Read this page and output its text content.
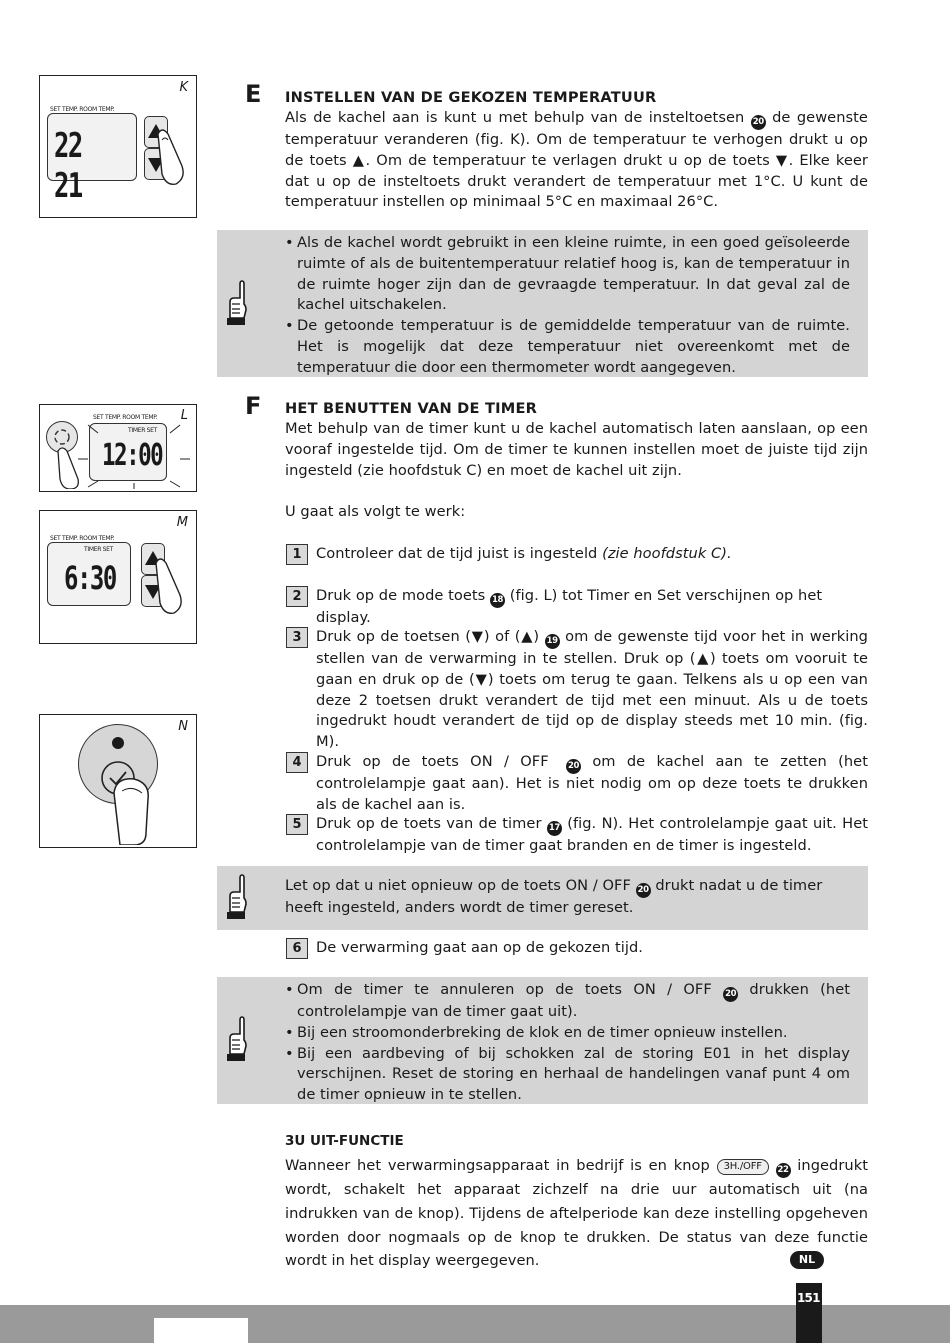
K
SET TEMP. ROOM TEMP.
22 21
E INSTELLEN VAN DE GEKOZEN TEMPERATUUR
Als de kachel aan is kunt u met behulp van de insteltoetsen 20 de gewenste temperatuur veranderen (fig. K). Om de temperatuur te verhogen drukt u op de toets ▲. Om de temperatuur te verlagen drukt u op de toets ▼. Elke keer dat u op de insteltoets drukt verandert de temperatuur met 1°C. U kunt de temperatuur instellen op minimaal 5°C en maximaal 26°C.
• Als de kachel wordt gebruikt in een kleine ruimte, in een goed geïsoleerde ruimte of als de buitentemperatuur relatief hoog is, kan de temperatuur in de ruimte hoger zijn dan de gevraagde temperatuur. In dat geval zal de kachel uitschakelen.
• De getoonde temperatuur is de gemiddelde temperatuur van de ruimte. Het is mogelijk dat deze temperatuur niet overeenkomt met de temperatuur die door een thermometer wordt aangegeven.
L
SET TEMP. ROOM TEMP.
TIMER SET
12:00
F HET BENUTTEN VAN DE TIMER
Met behulp van de timer kunt u de kachel automatisch laten aanslaan, op een vooraf ingestelde tijd. Om de timer te kunnen instellen moet de juiste tijd zijn ingesteld (zie hoofdstuk C) en moet de kachel uit zijn.
U gaat als volgt te werk:
M
SET TEMP. ROOM TEMP.
TIMER SET
6:30
1 Controleer dat de tijd juist is ingesteld (zie hoofdstuk C).
2 Druk op de mode toets 18 (fig. L) tot Timer en Set verschijnen op het display.
3 Druk op de toetsen (▼) of (▲) 19 om de gewenste tijd voor het in werking stellen van de verwarming in te stellen. Druk op (▲) toets om vooruit te gaan en druk op de (▼) toets om terug te gaan. Telkens als u op een van deze 2 toetsen drukt verandert de tijd met een minuut. Als u de toets ingedrukt houdt verandert de tijd op de display steeds met 10 min. (fig. M).
N
4 Druk op de toets ON / OFF 20 om de kachel aan te zetten (het controlelampje gaat aan). Het is niet nodig om op deze toets te drukken als de kachel aan is.
5 Druk op de toets van de timer 17 (fig. N). Het controlelampje gaat uit. Het controlelampje van de timer gaat branden en de timer is ingesteld.
Let op dat u niet opnieuw op de toets ON / OFF 20 drukt nadat u de timer heeft ingesteld, anders wordt de timer gereset.
6 De verwarming gaat aan op de gekozen tijd.
• Om de timer te annuleren op de toets ON / OFF 20 drukken (het controlelampje van de timer gaat uit).
• Bij een stroomonderbreking de klok en de timer opnieuw instellen.
• Bij een aardbeving of bij schokken zal de storing E01 in het display verschijnen. Reset de storing en herhaal de handelingen vanaf punt 4 om de timer opnieuw in te stellen.
3U UIT-FUNCTIE
Wanneer het verwarmingsapparaat in bedrijf is en knop 3H./OFF 22 ingedrukt wordt, schakelt het apparaat zichzelf na drie uur automatisch uit (na indrukken van de knop). Tijdens de aftelperiode kan deze instelling opgeheven worden door nogmaals op de knop te drukken. De status van deze functie wordt in het display weergegeven.	NL
151
